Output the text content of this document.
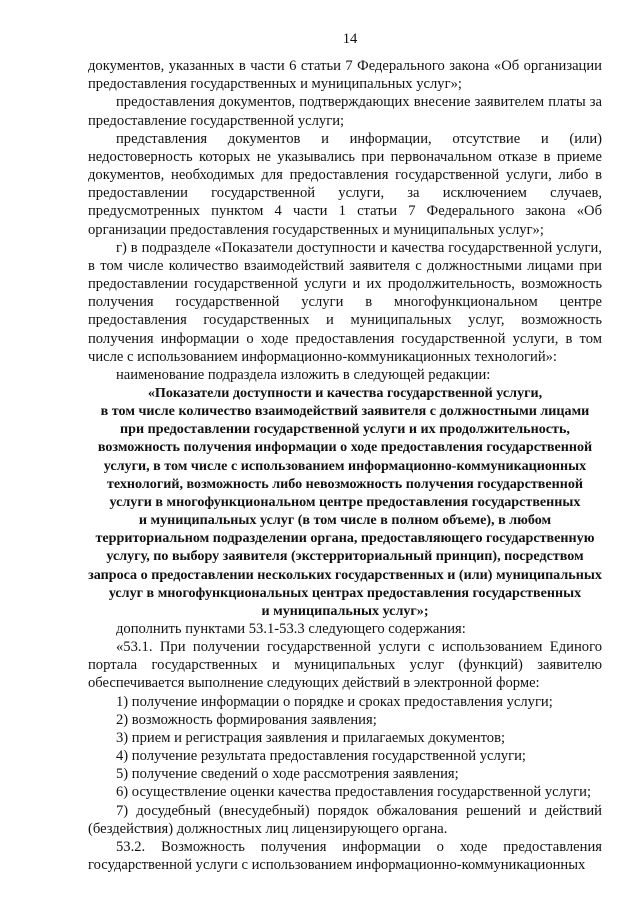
14

документов, указанных в части 6 статьи 7 Федерального закона «Об организации предоставления государственных и муниципальных услуг»;

предоставления документов, подтверждающих внесение заявителем платы за предоставление государственной услуги;

представления документов и информации, отсутствие и (или) недостоверность которых не указывались при первоначальном отказе в приеме документов, необходимых для предоставления государственной услуги, либо в предоставлении государственной услуги, за исключением случаев, предусмотренных пунктом 4 части 1 статьи 7 Федерального закона «Об организации предоставления государственных и муниципальных услуг»;

г) в подразделе «Показатели доступности и качества государственной услуги, в том числе количество взаимодействий заявителя с должностными лицами при предоставлении государственной услуги и их продолжительность, возможность получения государственной услуги в многофункциональном центре предоставления государственных и муниципальных услуг, возможность получения информации о ходе предоставления государственной услуги, в том числе с использованием информационно-коммуникационных технологий»:

наименование подраздела изложить в следующей редакции:

«Показатели доступности и качества государственной услуги,
в том числе количество взаимодействий заявителя с должностными лицами
при предоставлении государственной услуги и их продолжительность,
возможность получения информации о ходе предоставления государственной
услуги, в том числе с использованием информационно-коммуникационных
технологий, возможность либо невозможность получения государственной
услуги в многофункциональном центре предоставления государственных
и муниципальных услуг (в том числе в полном объеме), в любом
территориальном подразделении органа, предоставляющего государственную
услугу, по выбору заявителя (экстерриториальный принцип), посредством
запроса о предоставлении нескольких государственных и (или) муниципальных
услуг в многофункциональных центрах предоставления государственных
и муниципальных услуг»;

дополнить пунктами 53.1-53.3 следующего содержания:

«53.1. При получении государственной услуги с использованием Единого портала государственных и муниципальных услуг (функций) заявителю обеспечивается выполнение следующих действий в электронной форме:

1) получение информации о порядке и сроках предоставления услуги;

2) возможность формирования заявления;

3) прием и регистрация заявления и прилагаемых документов;

4) получение результата предоставления государственной услуги;

5) получение сведений о ходе рассмотрения заявления;

6) осуществление оценки качества предоставления государственной услуги;

7) досудебный (внесудебный) порядок обжалования решений и действий (бездействия) должностных лиц лицензирующего органа.

53.2. Возможность получения информации о ходе предоставления государственной услуги с использованием информационно-коммуникационных
